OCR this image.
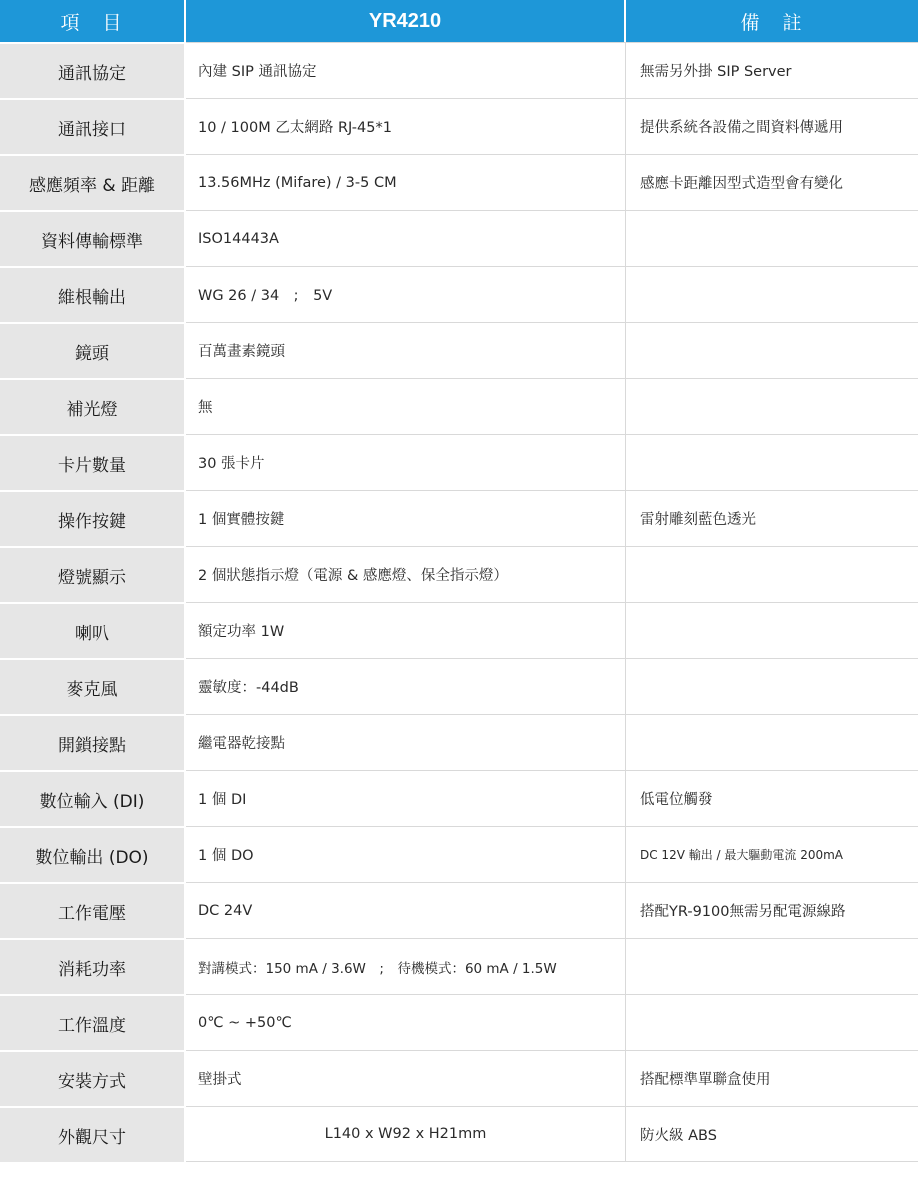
項　目	YR4210	備　註
通訊協定	內建 SIP 通訊協定	無需另外掛 SIP Server
通訊接口	10 / 100M 乙太網路 RJ-45*1	提供系統各設備之間資料傳遞用
感應頻率 & 距離	13.56MHz (Mifare) / 3-5 CM	感應卡距離因型式造型會有變化
資料傳輸標準	ISO14443A	
維根輸出	WG 26 / 34　;　5V	
鏡頭	百萬畫素鏡頭	
補光燈	無	
卡片數量	30 張卡片	
操作按鍵	1 個實體按鍵	雷射雕刻藍色透光
燈號顯示	2 個狀態指示燈（電源 & 感應燈、保全指示燈）	
喇叭	額定功率 1W	
麥克風	靈敏度：-44dB	
開鎖接點	繼電器乾接點	
數位輸入 (DI)	1 個 DI	低電位觸發
數位輸出 (DO)	1 個 DO	DC 12V 輸出 / 最大驅動電流 200mA
工作電壓	DC 24V	搭配YR-9100無需另配電源線路
消耗功率	對講模式：150 mA / 3.6W　;　待機模式：60 mA / 1.5W	
工作溫度	0℃ ~ +50℃	
安裝方式	壁掛式	搭配標準單聯盒使用
外觀尺寸	L140 x W92 x H21mm	防火級 ABS
